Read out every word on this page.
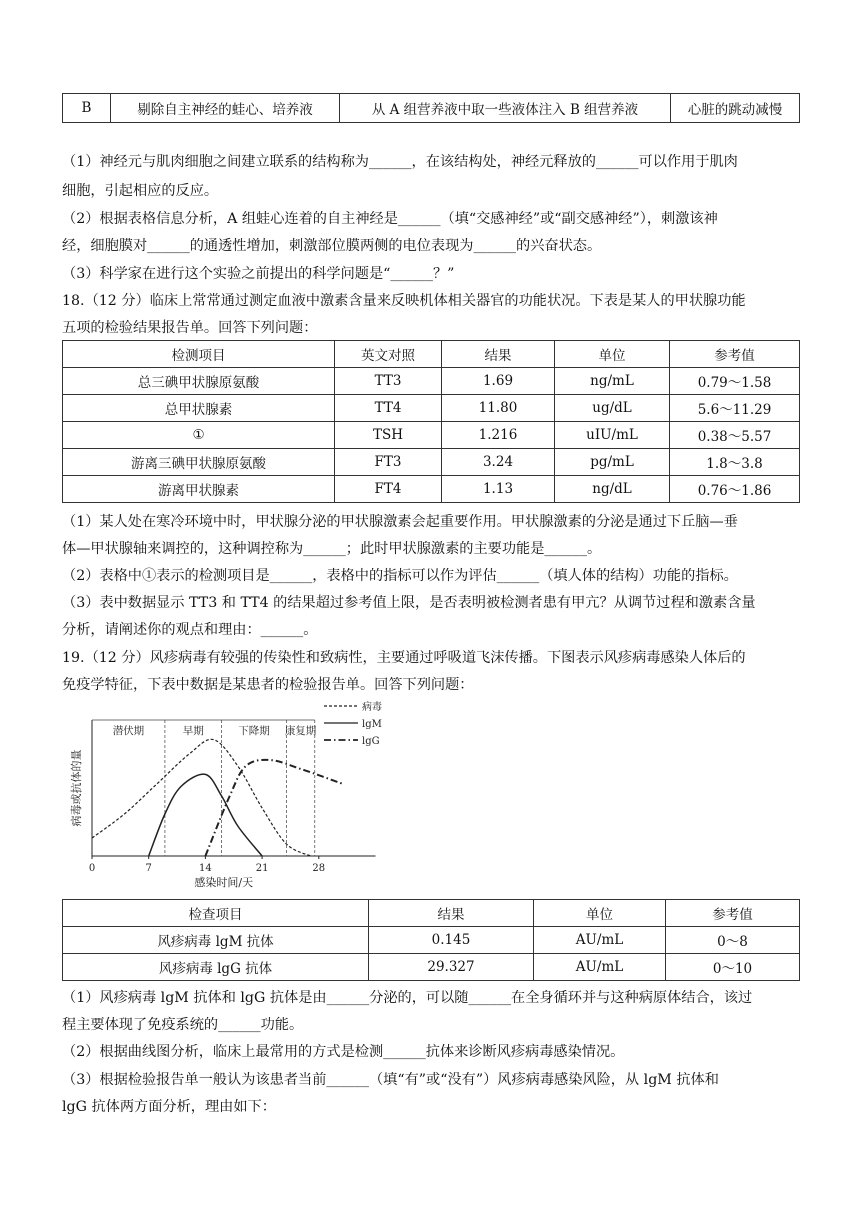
B	剔除自主神经的蛙心、培养液	从 A 组营养液中取一些液体注入 B 组营养液	心脏的跳动减慢
（1）神经元与肌肉细胞之间建立联系的结构称为______，在该结构处，神经元释放的______可以作用于肌肉
细胞，引起相应的反应。
（2）根据表格信息分析，A 组蛙心连着的自主神经是______（填“交感神经”或“副交感神经”），刺激该神
经，细胞膜对______的通透性增加，刺激部位膜两侧的电位表现为______的兴奋状态。
（3）科学家在进行这个实验之前提出的科学问题是“______？”
18.（12 分）临床上常常通过测定血液中激素含量来反映机体相关器官的功能状况。下表是某人的甲状腺功能
五项的检验结果报告单。回答下列问题：
检测项目	英文对照	结果	单位	参考值
总三碘甲状腺原氨酸	TT3	1.69	ng/mL	0.79～1.58
总甲状腺素	TT4	11.80	ug/dL	5.6～11.29
①	TSH	1.216	uIU/mL	0.38～5.57
游离三碘甲状腺原氨酸	FT3	3.24	pg/mL	1.8～3.8
游离甲状腺素	FT4	1.13	ng/dL	0.76～1.86
（1）某人处在寒冷环境中时，甲状腺分泌的甲状腺激素会起重要作用。甲状腺激素的分泌是通过下丘脑—垂
体—甲状腺轴来调控的，这种调控称为______；此时甲状腺激素的主要功能是______。
（2）表格中①表示的检测项目是______，表格中的指标可以作为评估______（填人体的结构）功能的指标。
（3）表中数据显示 TT3 和 TT4 的结果超过参考值上限，是否表明被检测者患有甲亢？从调节过程和激素含量
分析，请阐述你的观点和理由：______。
19.（12 分）风疹病毒有较强的传染性和致病性，主要通过呼吸道飞沫传播。下图表示风疹病毒感染人体后的
免疫学特征，下表中数据是某患者的检验报告单。回答下列问题：
潜伏期	早期	下降期 康复期
0	7	14	21	28
感染时间/天
病毒或抗体的量
病毒
lgM
lgG
检查项目	结果	单位	参考值
风疹病毒 lgM 抗体	0.145	AU/mL	0～8
风疹病毒 lgG 抗体	29.327	AU/mL	0～10
（1）风疹病毒 lgM 抗体和 lgG 抗体是由______分泌的，可以随______在全身循环并与这种病原体结合，该过
程主要体现了免疫系统的______功能。
（2）根据曲线图分析，临床上最常用的方式是检测______抗体来诊断风疹病毒感染情况。
（3）根据检验报告单一般认为该患者当前______（填“有”或“没有”）风疹病毒感染风险，从 lgM 抗体和
lgG 抗体两方面分析，理由如下：
